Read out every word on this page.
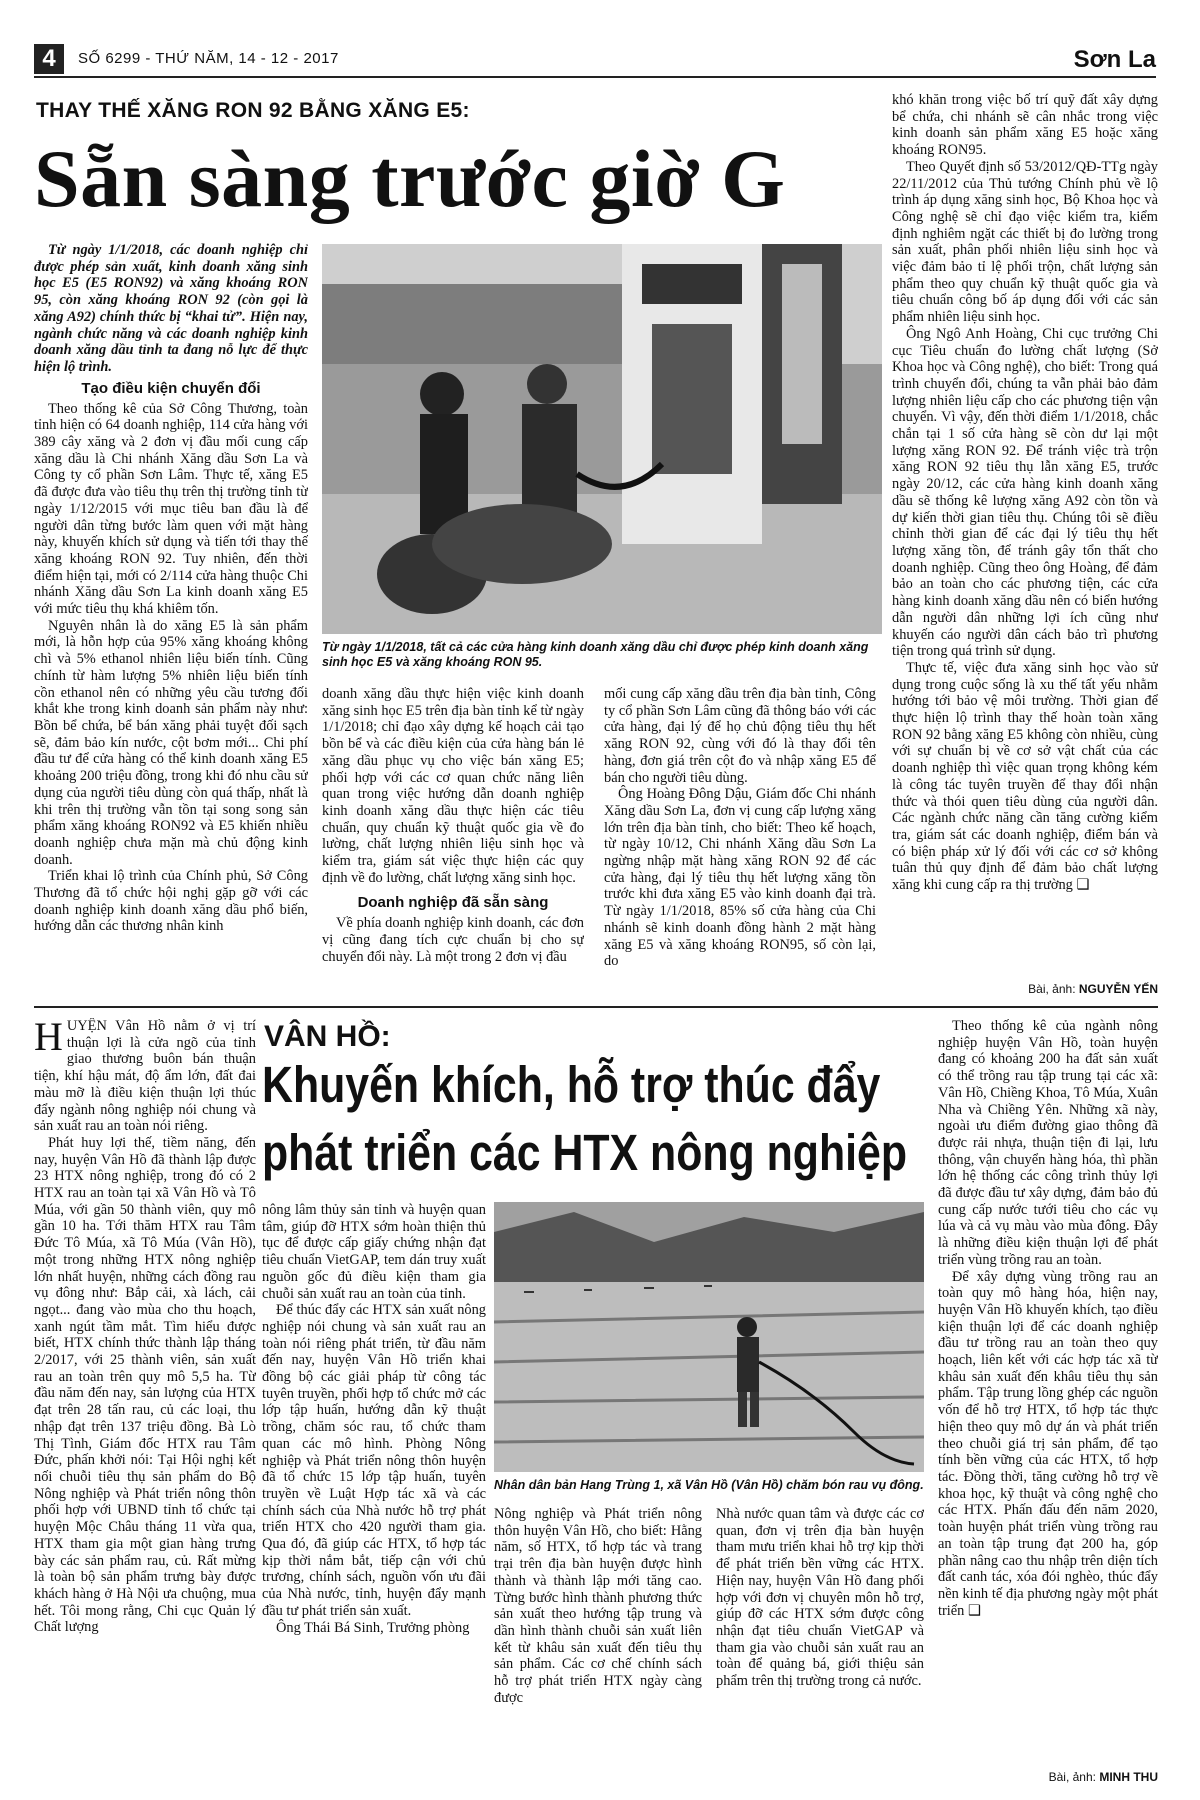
4	SỐ 6299 - THỨ NĂM, 14 - 12 - 2017	Sơn La
THAY THẾ XĂNG RON 92 BẰNG XĂNG E5:
Sẵn sàng trước giờ G

Từ ngày 1/1/2018, các doanh nghiệp chỉ được phép sản xuất, kinh doanh xăng sinh học E5 (E5 RON92) và xăng khoáng RON 95, còn xăng khoáng RON 92 (còn gọi là xăng A92) chính thức bị “khai tử”. Hiện nay, ngành chức năng và các doanh nghiệp kinh doanh xăng dầu tỉnh ta đang nỗ lực để thực hiện lộ trình.

Tạo điều kiện chuyển đổi

Theo thống kê của Sở Công Thương, toàn tỉnh hiện có 64 doanh nghiệp, 114 cửa hàng với 389 cây xăng và 2 đơn vị đầu mối cung cấp xăng dầu là Chi nhánh Xăng dầu Sơn La và Công ty cổ phần Sơn Lâm. Thực tế, xăng E5 đã được đưa vào tiêu thụ trên thị trường tỉnh từ ngày 1/12/2015 với mục tiêu ban đầu là để người dân từng bước làm quen với mặt hàng này, khuyến khích sử dụng và tiến tới thay thế xăng khoáng RON 92. Tuy nhiên, đến thời điểm hiện tại, mới có 2/114 cửa hàng thuộc Chi nhánh Xăng dầu Sơn La kinh doanh xăng E5 với mức tiêu thụ khá khiêm tốn.

Nguyên nhân là do xăng E5 là sản phẩm mới, là hỗn hợp của 95% xăng khoáng không chì và 5% ethanol nhiên liệu biến tính. Cũng chính từ hàm lượng 5% nhiên liệu biến tính cồn ethanol nên có những yêu cầu tương đối khắt khe trong kinh doanh sản phẩm này như: Bồn bể chứa, bể bán xăng phải tuyệt đối sạch sẽ, đảm bảo kín nước, cột bơm mới... Chi phí đầu tư để cửa hàng có thể kinh doanh xăng E5 khoảng 200 triệu đồng, trong khi đó nhu cầu sử dụng của người tiêu dùng còn quá thấp, nhất là khi trên thị trường vẫn tồn tại song song sản phẩm xăng khoáng RON92 và E5 khiến nhiều doanh nghiệp chưa mặn mà chủ động kinh doanh.

Triển khai lộ trình của Chính phủ, Sở Công Thương đã tổ chức hội nghị gặp gỡ với các doanh nghiệp kinh doanh xăng dầu phổ biến, hướng dẫn các thương nhân kinh

Từ ngày 1/1/2018, tất cả các cửa hàng kinh doanh xăng dầu chỉ được phép kinh doanh xăng sinh học E5 và xăng khoáng RON 95.

doanh xăng dầu thực hiện việc kinh doanh xăng sinh học E5 trên địa bàn tỉnh kể từ ngày 1/1/2018; chỉ đạo xây dựng kế hoạch cải tạo bồn bể và các điều kiện của cửa hàng bán lẻ xăng dầu phục vụ cho việc bán xăng E5; phối hợp với các cơ quan chức năng liên quan trong việc hướng dẫn doanh nghiệp kinh doanh xăng dầu thực hiện các tiêu chuẩn, quy chuẩn kỹ thuật quốc gia về đo lường, chất lượng nhiên liệu sinh học và kiểm tra, giám sát việc thực hiện các quy định về đo lường, chất lượng xăng sinh học.

Doanh nghiệp đã sẵn sàng

Về phía doanh nghiệp kinh doanh, các đơn vị cũng đang tích cực chuẩn bị cho sự chuyển đổi này. Là một trong 2 đơn vị đầu

mối cung cấp xăng dầu trên địa bàn tỉnh, Công ty cổ phần Sơn Lâm cũng đã thông báo với các cửa hàng, đại lý để họ chủ động tiêu thụ hết xăng RON 92, cùng với đó là thay đổi tên hàng, đơn giá trên cột đo và nhập xăng E5 để bán cho người tiêu dùng.

Ông Hoàng Đông Dậu, Giám đốc Chi nhánh Xăng dầu Sơn La, đơn vị cung cấp lượng xăng lớn trên địa bàn tỉnh, cho biết: Theo kế hoạch, từ ngày 10/12, Chi nhánh Xăng dầu Sơn La ngừng nhập mặt hàng xăng RON 92 để các cửa hàng, đại lý tiêu thụ hết lượng xăng tồn trước khi đưa xăng E5 vào kinh doanh đại trà. Từ ngày 1/1/2018, 85% số cửa hàng của Chi nhánh sẽ kinh doanh đồng hành 2 mặt hàng xăng E5 và xăng khoáng RON95, số còn lại, do

khó khăn trong việc bố trí quỹ đất xây dựng bể chứa, chi nhánh sẽ cân nhắc trong việc kinh doanh sản phẩm xăng E5 hoặc xăng khoáng RON95.

Theo Quyết định số 53/2012/QĐ-TTg ngày 22/11/2012 của Thủ tướng Chính phủ về lộ trình áp dụng xăng sinh học, Bộ Khoa học và Công nghệ sẽ chỉ đạo việc kiểm tra, kiểm định nghiêm ngặt các thiết bị đo lường trong sản xuất, phân phối nhiên liệu sinh học và việc đảm bảo tỉ lệ phối trộn, chất lượng sản phẩm theo quy chuẩn kỹ thuật quốc gia và tiêu chuẩn công bố áp dụng đối với các sản phẩm nhiên liệu sinh học.

Ông Ngô Anh Hoàng, Chi cục trưởng Chi cục Tiêu chuẩn đo lường chất lượng (Sở Khoa học và Công nghệ), cho biết: Trong quá trình chuyển đổi, chúng ta vẫn phải bảo đảm lượng nhiên liệu cấp cho các phương tiện vận chuyển. Vì vậy, đến thời điểm 1/1/2018, chắc chắn tại 1 số cửa hàng sẽ còn dư lại một lượng xăng RON 92. Để tránh việc trà trộn xăng RON 92 tiêu thụ lẫn xăng E5, trước ngày 20/12, các cửa hàng kinh doanh xăng dầu sẽ thống kê lượng xăng A92 còn tồn và dự kiến thời gian tiêu thụ. Chúng tôi sẽ điều chỉnh thời gian để các đại lý tiêu thụ hết lượng xăng tồn, để tránh gây tổn thất cho doanh nghiệp. Cũng theo ông Hoàng, để đảm bảo an toàn cho các phương tiện, các cửa hàng kinh doanh xăng dầu nên có biển hướng dẫn người dân những lợi ích cũng như khuyến cáo người dân cách bảo trì phương tiện trong quá trình sử dụng.

Thực tế, việc đưa xăng sinh học vào sử dụng trong cuộc sống là xu thế tất yếu nhằm hướng tới bảo vệ môi trường. Thời gian để thực hiện lộ trình thay thế hoàn toàn xăng RON 92 bằng xăng E5 không còn nhiều, cùng với sự chuẩn bị về cơ sở vật chất của các doanh nghiệp thì việc quan trọng không kém là công tác tuyên truyền để thay đổi nhận thức và thói quen tiêu dùng của người dân. Các ngành chức năng cần tăng cường kiểm tra, giám sát các doanh nghiệp, điểm bán và có biện pháp xử lý đối với các cơ sở không tuân thủ quy định để đảm bảo chất lượng xăng khi cung cấp ra thị trường ❑

Bài, ảnh: NGUYỄN YẾN

HUYỆN Vân Hồ nằm ở vị trí thuận lợi là cửa ngõ của tỉnh giao thương buôn bán thuận tiện, khí hậu mát, độ ẩm lớn, đất đai màu mỡ là điều kiện thuận lợi thúc đẩy ngành nông nghiệp nói chung và sản xuất rau an toàn nói riêng.

Phát huy lợi thế, tiềm năng, đến nay, huyện Vân Hồ đã thành lập được 23 HTX nông nghiệp, trong đó có 2 HTX rau an toàn tại xã Vân Hồ và Tô Múa, với gần 50 thành viên, quy mô gần 10 ha. Tới thăm HTX rau Tâm Đức Tô Múa, xã Tô Múa (Vân Hồ), một trong những HTX nông nghiệp lớn nhất huyện, những cách đồng rau vụ đông như: Bắp cải, xà lách, cải ngọt... đang vào mùa cho thu hoạch, xanh ngút tầm mắt. Tìm hiểu được biết, HTX chính thức thành lập tháng 2/2017, với 25 thành viên, sản xuất rau an toàn trên quy mô 5,5 ha. Từ đầu năm đến nay, sản lượng của HTX đạt trên 28 tấn rau, củ các loại, thu nhập đạt trên 137 triệu đồng. Bà Lò Thị Tình, Giám đốc HTX rau Tâm Đức, phấn khởi nói: Tại Hội nghị kết nối chuỗi tiêu thụ sản phẩm do Bộ Nông nghiệp và Phát triển nông thôn phối hợp với UBND tỉnh tổ chức tại huyện Mộc Châu tháng 11 vừa qua, HTX tham gia một gian hàng trưng bày các sản phẩm rau, củ. Rất mừng là toàn bộ sản phẩm trưng bày được khách hàng ở Hà Nội ưa chuộng, mua hết. Tôi mong rằng, Chi cục Quản lý Chất lượng

VÂN HỒ:
Khuyến khích, hỗ trợ thúc đẩy
phát triển các HTX nông nghiệp

nông lâm thủy sản tỉnh và huyện quan tâm, giúp đỡ HTX sớm hoàn thiện thủ tục để được cấp giấy chứng nhận đạt tiêu chuẩn VietGAP, tem dán truy xuất nguồn gốc đủ điều kiện tham gia chuỗi sản xuất rau an toàn của tỉnh.

Để thúc đẩy các HTX sản xuất nông nghiệp nói chung và sản xuất rau an toàn nói riêng phát triển, từ đầu năm đến nay, huyện Vân Hồ triển khai đồng bộ các giải pháp từ công tác tuyên truyền, phối hợp tổ chức mở các lớp tập huấn, hướng dẫn kỹ thuật trồng, chăm sóc rau, tổ chức tham quan các mô hình. Phòng Nông nghiệp và Phát triển nông thôn huyện đã tổ chức 15 lớp tập huấn, tuyên truyền về Luật Hợp tác xã và các chính sách của Nhà nước hỗ trợ phát triển HTX cho 420 người tham gia. Qua đó, đã giúp các HTX, tổ hợp tác kịp thời nắm bắt, tiếp cận với chủ trương, chính sách, nguồn vốn ưu đãi của Nhà nước, tỉnh, huyện đẩy mạnh đầu tư phát triển sản xuất.

Ông Thái Bá Sinh, Trưởng phòng

Nhân dân bản Hang Trùng 1, xã Vân Hồ (Vân Hồ) chăm bón rau vụ đông.

Nông nghiệp và Phát triển nông thôn huyện Vân Hồ, cho biết: Hằng năm, số HTX, tổ hợp tác và trang trại trên địa bàn huyện được hình thành và thành lập mới tăng cao. Từng bước hình thành phương thức sản xuất theo hướng tập trung và dần hình thành chuỗi sản xuất liên kết từ khâu sản xuất đến tiêu thụ sản phẩm. Các cơ chế chính sách hỗ trợ phát triển HTX ngày càng được

Nhà nước quan tâm và được các cơ quan, đơn vị trên địa bàn huyện tham mưu triển khai hỗ trợ kịp thời để phát triển bền vững các HTX. Hiện nay, huyện Vân Hồ đang phối hợp với đơn vị chuyên môn hỗ trợ, giúp đỡ các HTX sớm được công nhận đạt tiêu chuẩn VietGAP và tham gia vào chuỗi sản xuất rau an toàn để quảng bá, giới thiệu sản phẩm trên thị trường trong cả nước.

Theo thống kê của ngành nông nghiệp huyện Vân Hồ, toàn huyện đang có khoảng 200 ha đất sản xuất có thể trồng rau tập trung tại các xã: Vân Hồ, Chiềng Khoa, Tô Múa, Xuân Nha và Chiềng Yên. Những xã này, ngoài ưu điểm đường giao thông đã được rải nhựa, thuận tiện đi lại, lưu thông, vận chuyển hàng hóa, thì phần lớn hệ thống các công trình thủy lợi đã được đầu tư xây dựng, đảm bảo đủ cung cấp nước tưới tiêu cho các vụ lúa và cả vụ màu vào mùa đông. Đây là những điều kiện thuận lợi để phát triển vùng trồng rau an toàn.

Để xây dựng vùng trồng rau an toàn quy mô hàng hóa, hiện nay, huyện Vân Hồ khuyến khích, tạo điều kiện thuận lợi để các doanh nghiệp đầu tư trồng rau an toàn theo quy hoạch, liên kết với các hợp tác xã từ khâu sản xuất đến khâu tiêu thụ sản phẩm. Tập trung lồng ghép các nguồn vốn để hỗ trợ HTX, tổ hợp tác thực hiện theo quy mô dự án và phát triển theo chuỗi giá trị sản phẩm, để tạo tính bền vững của các HTX, tổ hợp tác. Đồng thời, tăng cường hỗ trợ về khoa học, kỹ thuật và công nghệ cho các HTX. Phấn đấu đến năm 2020, toàn huyện phát triển vùng trồng rau an toàn tập trung đạt 200 ha, góp phần nâng cao thu nhập trên diện tích đất canh tác, xóa đói nghèo, thúc đẩy nền kinh tế địa phương ngày một phát triển ❑

Bài, ảnh: MINH THU
